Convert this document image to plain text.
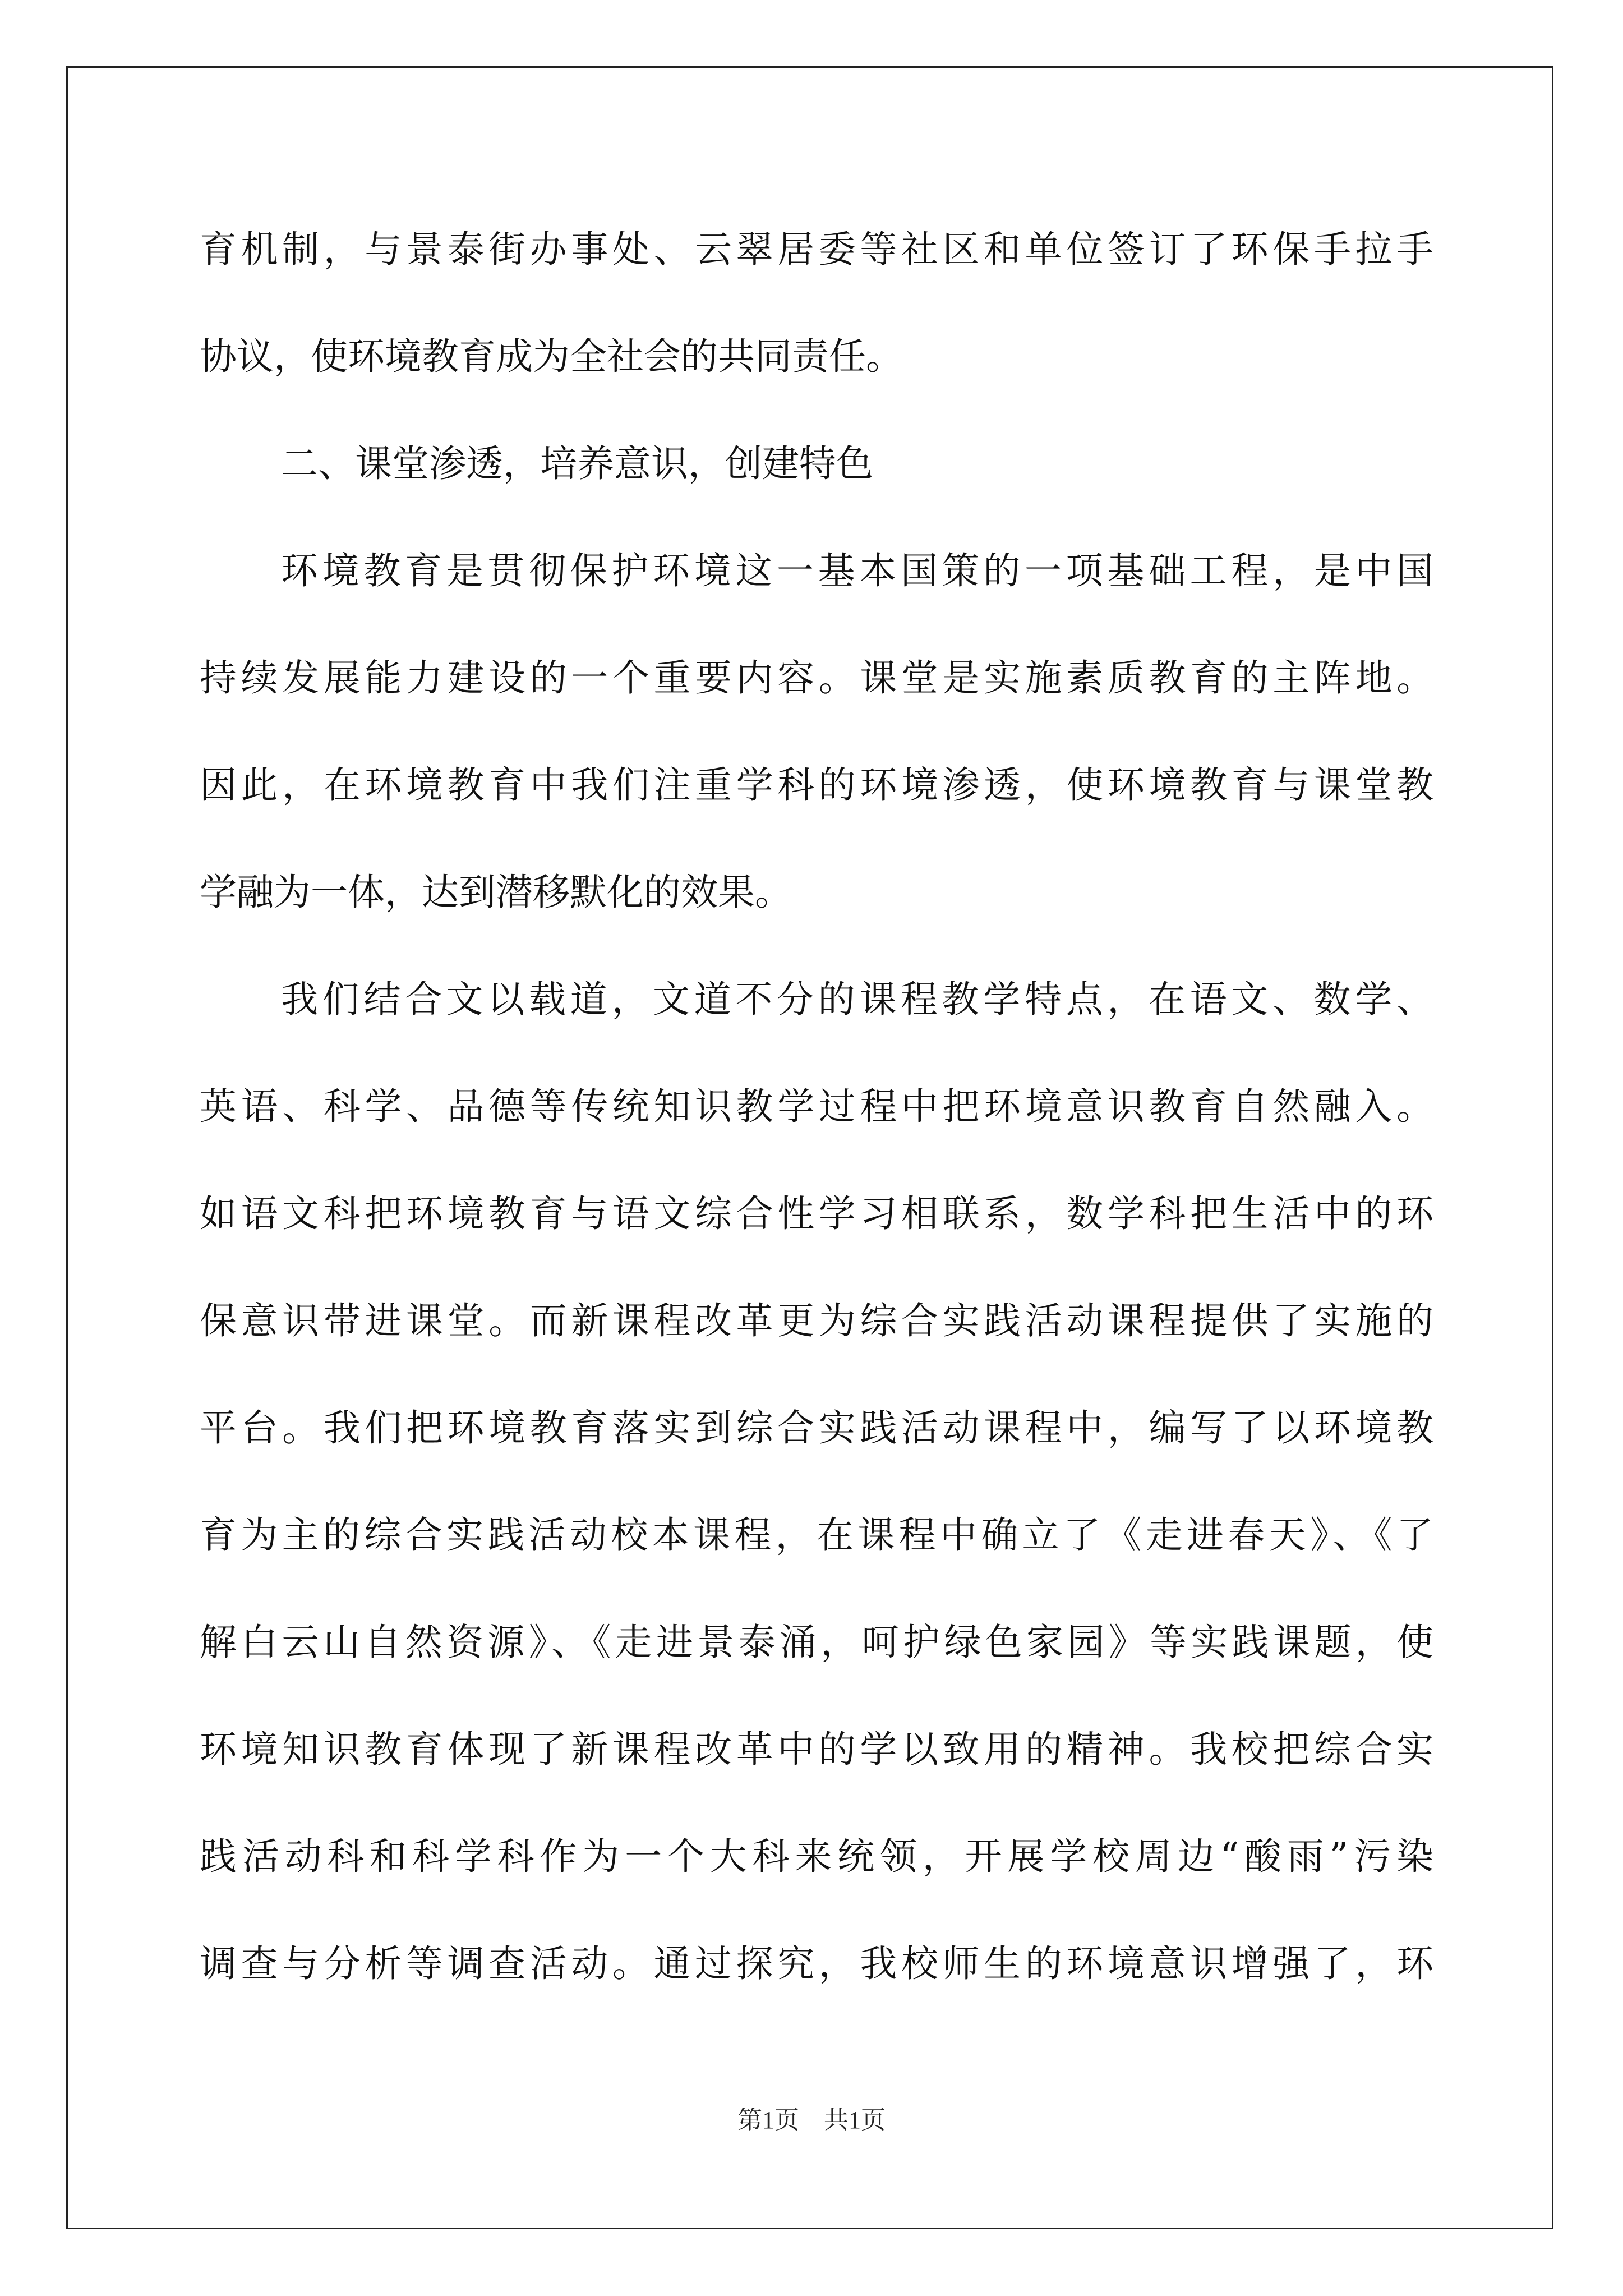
育机制，与景泰街办事处、云翠居委等社区和单位签订了环保手拉手
协议，使环境教育成为全社会的共同责任。
二、课堂渗透，培养意识，创建特色
环境教育是贯彻保护环境这一基本国策的一项基础工程，是中国
持续发展能力建设的一个重要内容。课堂是实施素质教育的主阵地。
因此，在环境教育中我们注重学科的环境渗透，使环境教育与课堂教
学融为一体，达到潜移默化的效果。
我们结合文以载道，文道不分的课程教学特点，在语文、数学、
英语、科学、品德等传统知识教学过程中把环境意识教育自然融入。
如语文科把环境教育与语文综合性学习相联系，数学科把生活中的环
保意识带进课堂。而新课程改革更为综合实践活动课程提供了实施的
平台。我们把环境教育落实到综合实践活动课程中，编写了以环境教
育为主的综合实践活动校本课程，在课程中确立了《走进春天》、《了
解白云山自然资源》、《走进景泰涌，呵护绿色家园》等实践课题，使
环境知识教育体现了新课程改革中的学以致用的精神。我校把综合实
践活动科和科学科作为一个大科来统领，开展学校周边“酸雨”污染
调查与分析等调查活动。通过探究，我校师生的环境意识增强了，环
第1页　共1页
